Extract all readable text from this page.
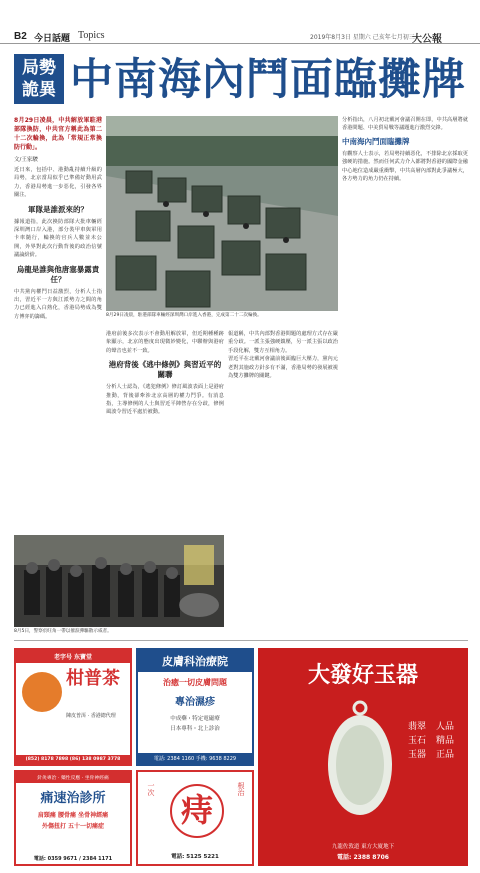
B2 今日話題 Topics	2019年8月3日 星期六 己亥年七月初三
大公報
局勢
詭異 中南海內鬥面臨攤牌
8月29日凌晨，中共解放軍駐港部隊換防，中共官方稱此為第二十二次輪換，此為「常規正常換防行動」。
文/王家駿

近日來，包括中、港動亂持續升級的局勢，北京當局似乎已準備好動用武力，香港局勢進一步惡化，引發各界關注。

軍隊是誰派來的？

據報道指，此次換防部隊大批車輛經深圳灣口岸入港，部分裝甲車與軍用卡車隨行，輪換的官兵人數並未公開，外界對此次行動背後的政治信號議論紛紛。

烏龍是誰與他唐塞暴露責任？

中共黨內權鬥日益激烈，分析人士指出，習近平一方與江派勢力之間的角力已經進入白熱化，香港局勢成為雙方博弈的籌碼。	8月29日凌晨，駐港部隊車輛經深圳灣口岸進入香港，完成第二十二次輪換。

港府前後多次表示不會動用解放軍，但近期種種跡象顯示，北京的態度出現微妙變化，中聯辦與港府的聲音也並不一致。

港府背後《逃中條例》與習近平的關聯

分析人士認為，《逃犯條例》修訂風波表面上是港府推動，背後卻牽涉北京高層的權力鬥爭。有消息指，主導修例的人士與習近平陣營存在分歧，修例風波令習近平處於被動。

報道稱，中共內部對香港問題的處理方式存在嚴重分歧。一派主張強硬鎮壓，另一派主張以政治手段化解，雙方互相角力。

習近平在北戴河會議前後面臨巨大壓力，黨內元老對其施政方針多有不滿，香港局勢的發展被視為雙方攤牌的關鍵。

分析指出，八月初北戴河會議召開在即，中共高層將就香港問題、中美貿易戰等議題進行激烈交鋒。

中南海內鬥面臨攤牌

有觀察人士表示，若局勢持續惡化，不排除北京採取更強硬的措施。然而任何武力介入都將對香港的國際金融中心地位造成嚴重衝擊，中共高層內部對此爭議極大，各方勢力的角力仍在持續。

8月5日，警察於旺角一帶以催淚彈驅散示威者。
老字号 东寶堂
柑普茶
陳皮普洱 · 香港總代理
(852) 8178 7898 (86) 138 0987 3778
皮膚科治療院
治癒一切皮膚問題
專治濕疹
中成藥・特定電磁療
日本專科・北上診治
電話: 2384 1160 手機: 9638 8229
針灸專治 · 藥性反應 · 坐骨神經痛
痛速治診所
肩頸痛 腰骨痛 坐骨神經痛
外傷扭打 五十一切痛症
電話: 0359 9671 / 2384 1171
一次
痔
根治
電話: 5125 5221
大發好玉器
翡翠	人品
玉石	精品
玉器	正品
九龍佐敦道 東方大廈地下
電話: 2388 8706
